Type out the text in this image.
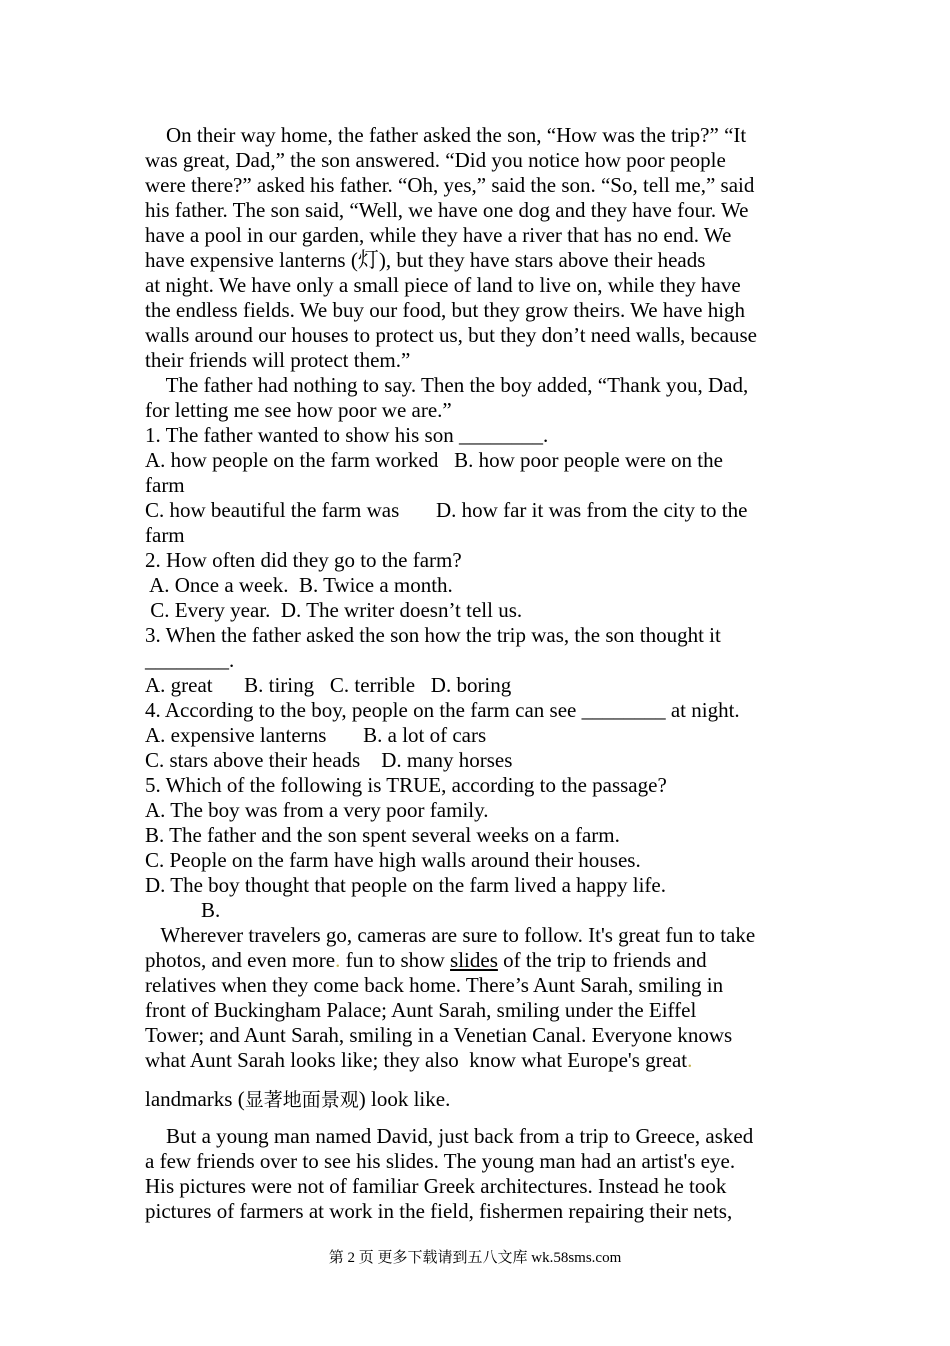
On their way home, the father asked the son, “How was the trip?” “It
was great, Dad,” the son answered. “Did you notice how poor people
were there?” asked his father. “Oh, yes,” said the son. “So, tell me,” said
his father. The son said, “Well, we have one dog and they have four. We
have a pool in our garden, while they have a river that has no end. We
have expensive lanterns (灯), but they have stars above their heads
at night. We have only a small piece of land to live on, while they have
the endless fields. We buy our food, but they grow theirs. We have high
walls around our houses to protect us, but they don’t need walls, because
their friends will protect them.”
The father had nothing to say. Then the boy added, “Thank you, Dad,
for letting me see how poor we are.”
1. The father wanted to show his son ________.
A. how people on the farm worked   B. how poor people were on the
farm
C. how beautiful the farm was       D. how far it was from the city to the
farm
2. How often did they go to the farm?
A. Once a week.  B. Twice a month.
C. Every year.  D. The writer doesn’t tell us.
3. When the father asked the son how the trip was, the son thought it
________.
A. great      B. tiring   C. terrible   D. boring
4. According to the boy, people on the farm can see ________ at night.
A. expensive lanterns       B. a lot of cars
C. stars above their heads    D. many horses
5. Which of the following is TRUE, according to the passage?
A. The boy was from a very poor family.
B. The father and the son spent several weeks on a farm.
C. People on the farm have high walls around their houses.
D. The boy thought that people on the farm lived a happy life.
B.
Wherever travelers go, cameras are sure to follow. It's great fun to take
photos, and even more. fun to show slides of the trip to friends and
relatives when they come back home. There’s Aunt Sarah, smiling in
front of Buckingham Palace; Aunt Sarah, smiling under the Eiffel
Tower; and Aunt Sarah, smiling in a Venetian Canal. Everyone knows
what Aunt Sarah looks like; they also  know what Europe's great.
landmarks (显著地面景观) look like.
But a young man named David, just back from a trip to Greece, asked
a few friends over to see his slides. The young man had an artist's eye.
His pictures were not of familiar Greek architectures. Instead he took
pictures of farmers at work in the field, fishermen repairing their nets,
第 2 页 更多下载请到五八文库 wk.58sms.com
